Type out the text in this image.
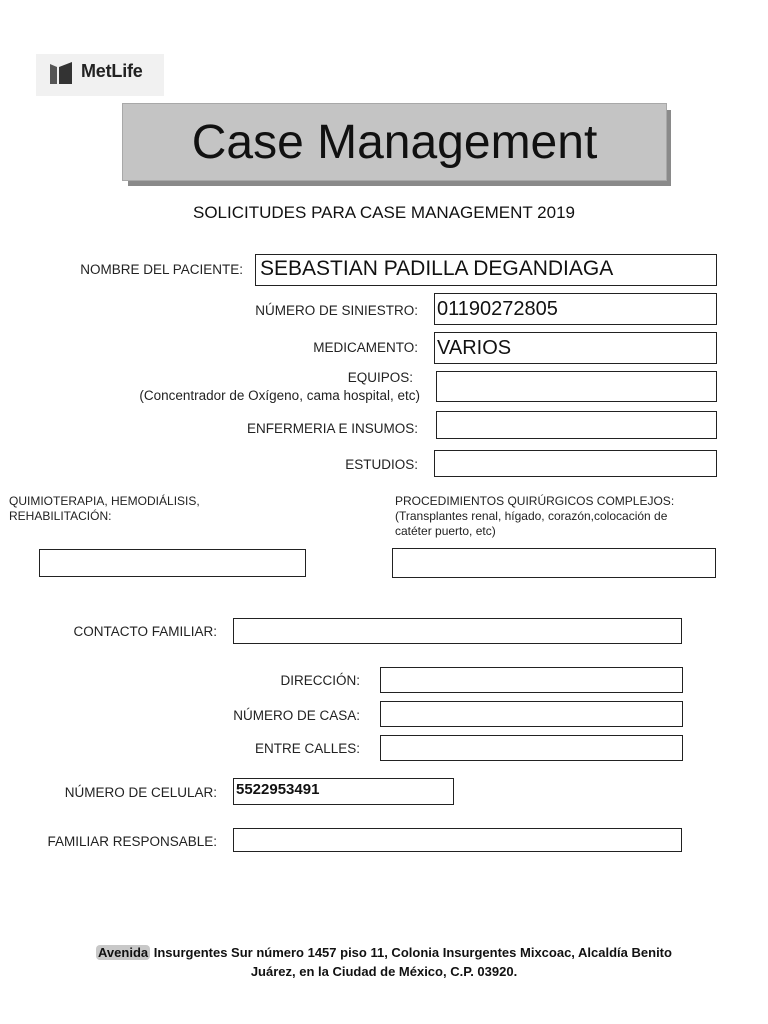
MetLife
Case Management
SOLICITUDES PARA CASE MANAGEMENT 2019
NOMBRE DEL PACIENTE: SEBASTIAN PADILLA DEGANDIAGA
NÚMERO DE SINIESTRO: 01190272805
MEDICAMENTO: VARIOS
EQUIPOS:
(Concentrador de Oxígeno, cama hospital, etc)
ENFERMERIA E INSUMOS:
ESTUDIOS:
QUIMIOTERAPIA, HEMODIÁLISIS,
REHABILITACIÓN:
PROCEDIMIENTOS QUIRÚRGICOS COMPLEJOS:
(Transplantes renal, hígado, corazón,colocación de
catéter puerto, etc)
CONTACTO FAMILIAR:
DIRECCIÓN:
NÚMERO DE CASA:
ENTRE CALLES:
NÚMERO DE CELULAR: 5522953491
FAMILIAR RESPONSABLE:
Avenida Insurgentes Sur número 1457 piso 11, Colonia Insurgentes Mixcoac, Alcaldía Benito
Juárez, en la Ciudad de México, C.P. 03920.
